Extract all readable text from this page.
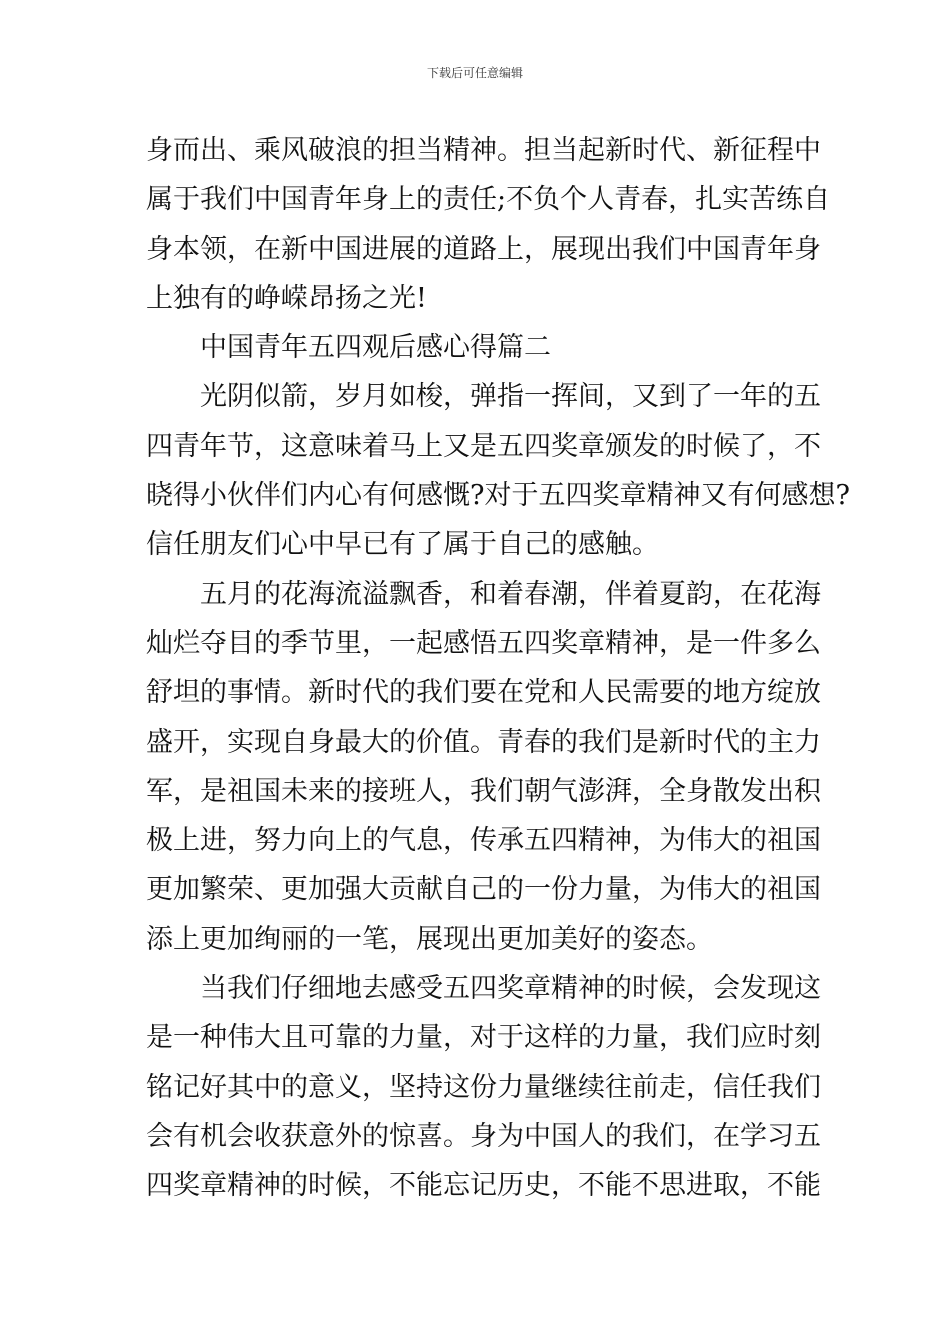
下载后可任意编辑
身而出、乘风破浪的担当精神。担当起新时代、新征程中
属于我们中国青年身上的责任;不负个人青春，扎实苦练自
身本领，在新中国进展的道路上，展现出我们中国青年身
上独有的峥嵘昂扬之光!
中国青年五四观后感心得篇二
光阴似箭，岁月如梭，弹指一挥间，又到了一年的五
四青年节，这意味着马上又是五四奖章颁发的时候了，不
晓得小伙伴们内心有何感慨?对于五四奖章精神又有何感想?
信任朋友们心中早已有了属于自己的感触。
五月的花海流溢飘香，和着春潮，伴着夏韵，在花海
灿烂夺目的季节里，一起感悟五四奖章精神，是一件多么
舒坦的事情。新时代的我们要在党和人民需要的地方绽放
盛开，实现自身最大的价值。青春的我们是新时代的主力
军，是祖国未来的接班人，我们朝气澎湃，全身散发出积
极上进，努力向上的气息，传承五四精神，为伟大的祖国
更加繁荣、更加强大贡献自己的一份力量，为伟大的祖国
添上更加绚丽的一笔，展现出更加美好的姿态。
当我们仔细地去感受五四奖章精神的时候，会发现这
是一种伟大且可靠的力量，对于这样的力量，我们应时刻
铭记好其中的意义，坚持这份力量继续往前走，信任我们
会有机会收获意外的惊喜。身为中国人的我们，在学习五
四奖章精神的时候，不能忘记历史，不能不思进取，不能
